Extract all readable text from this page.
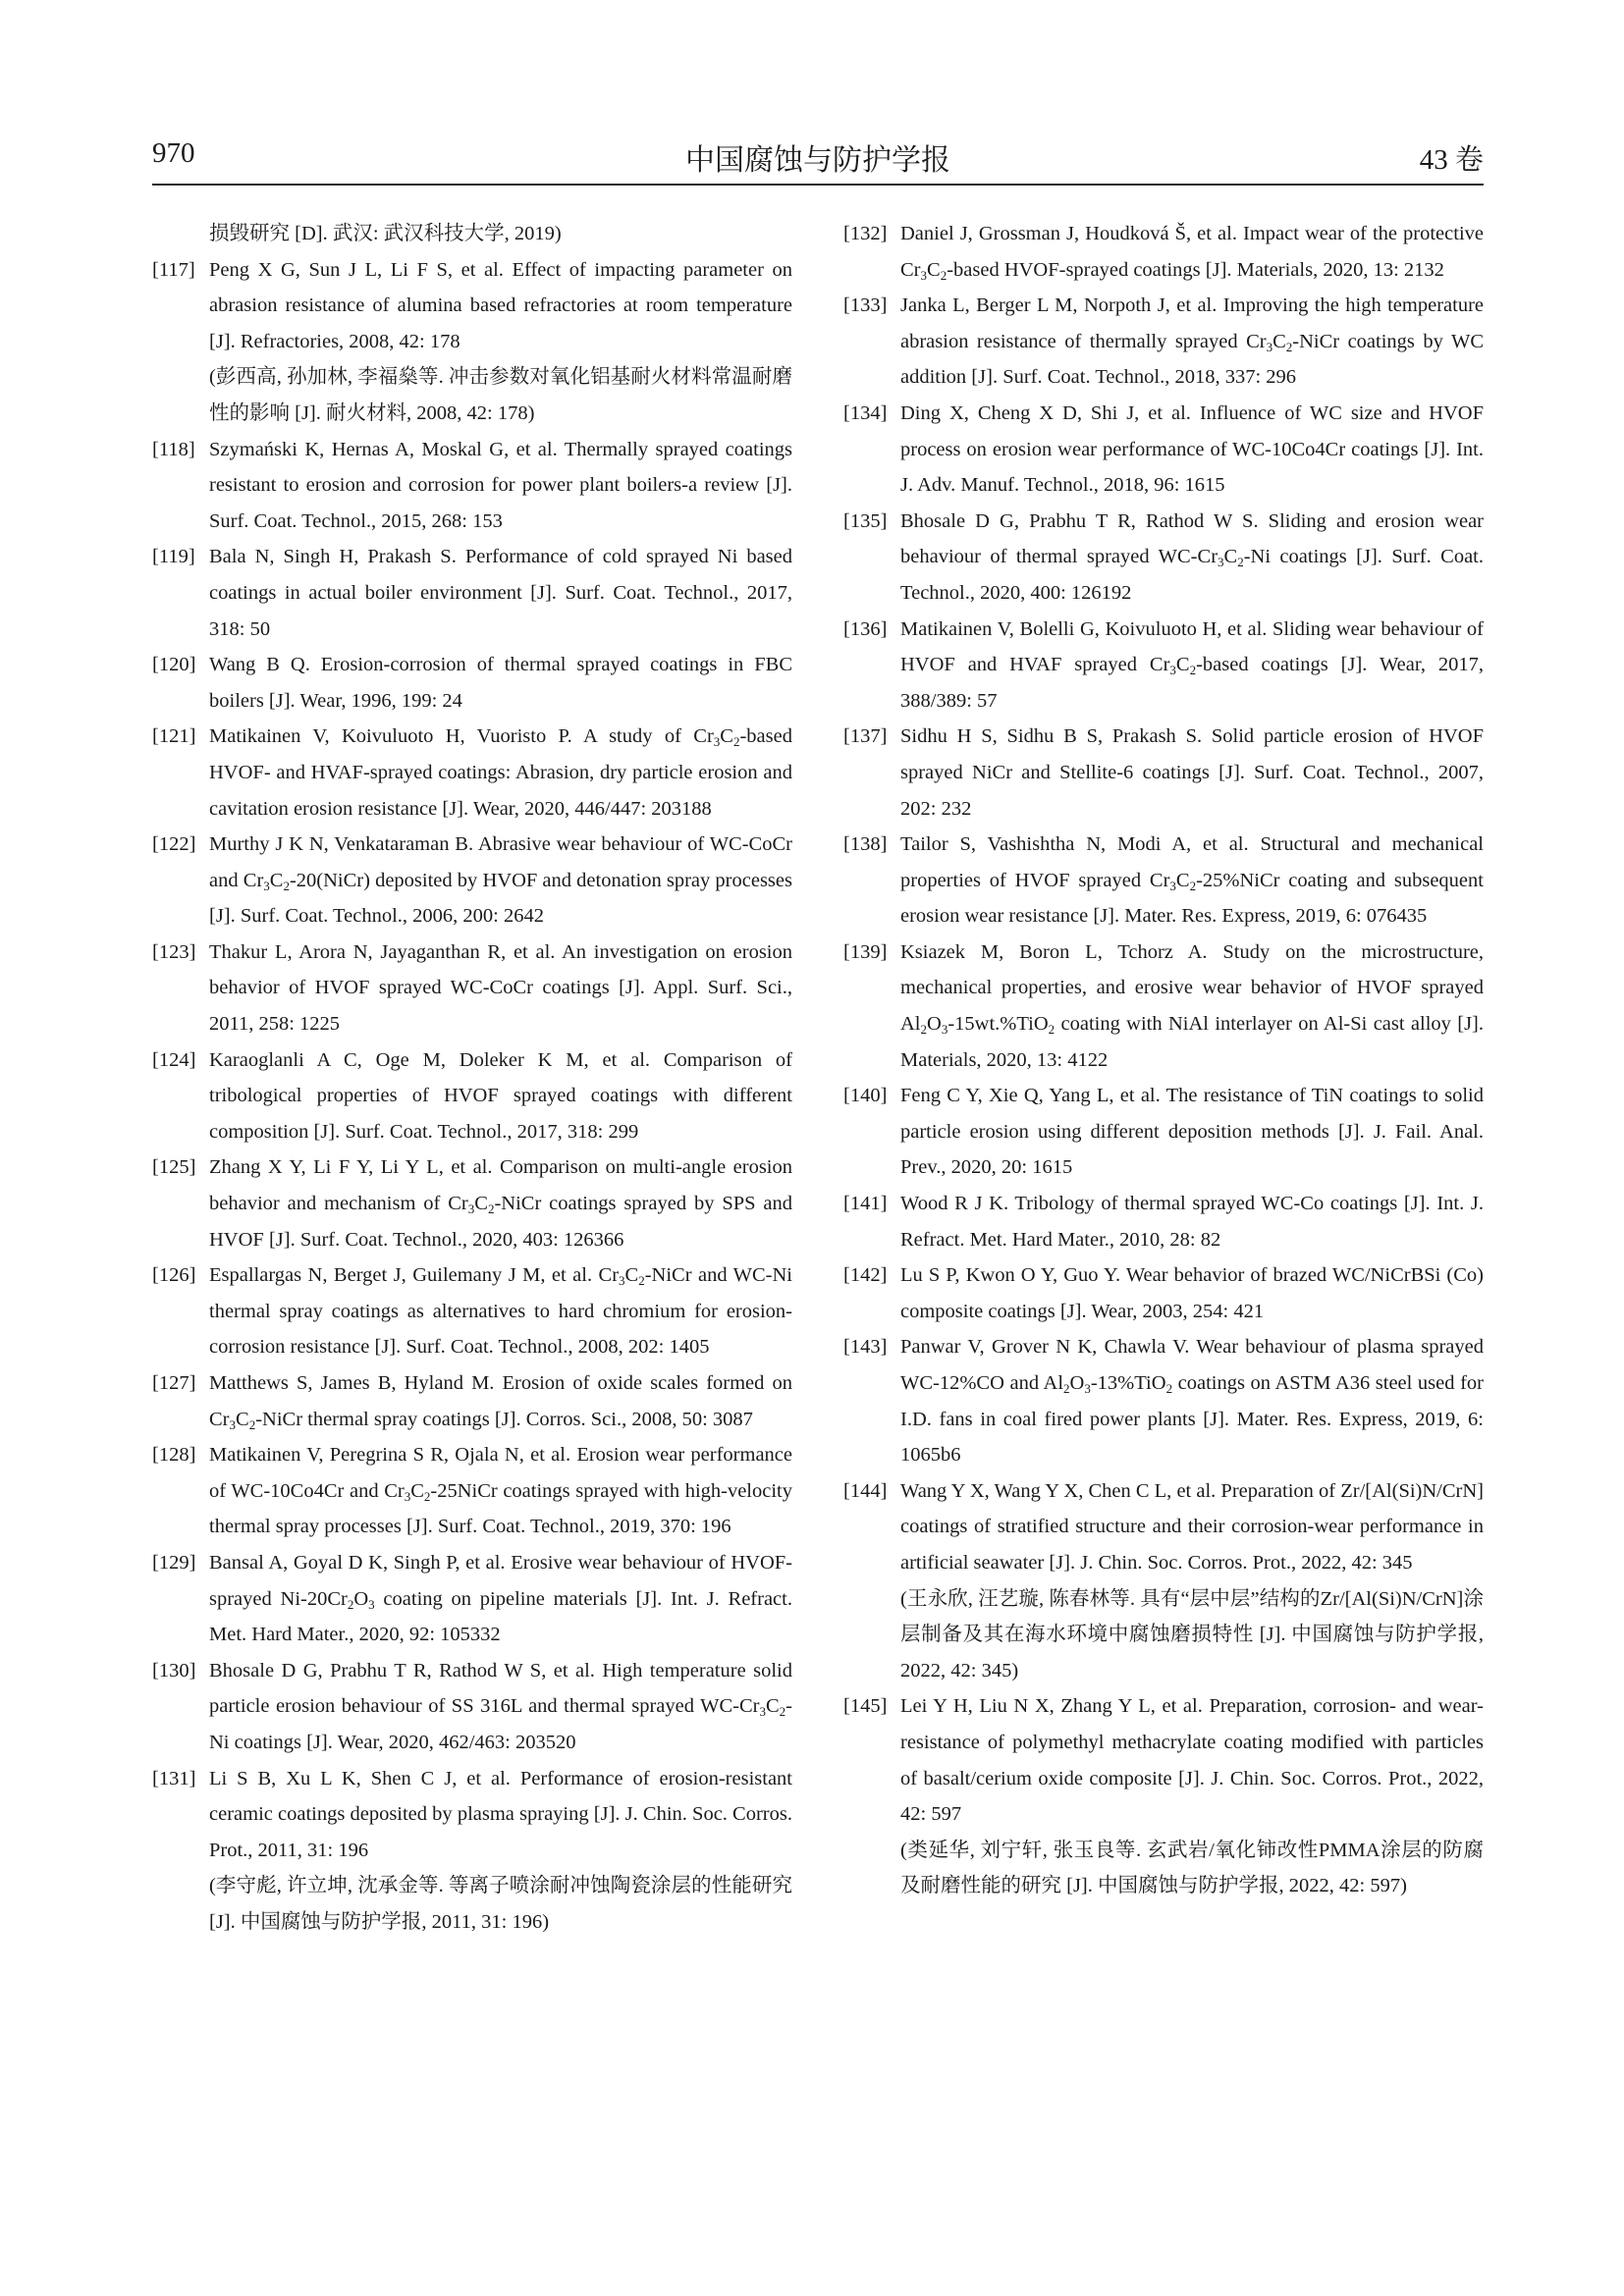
970	中国腐蚀与防护学报	43 卷

损毁研究 [D]. 武汉: 武汉科技大学, 2019)

[117] Peng X G, Sun J L, Li F S, et al. Effect of impacting parameter on abrasion resistance of alumina based refractories at room temperature [J]. Refractories, 2008, 42: 178
(彭西高, 孙加林, 李福燊等. 冲击参数对氧化铝基耐火材料常温耐磨性的影响 [J]. 耐火材料, 2008, 42: 178)

[118] Szymański K, Hernas A, Moskal G, et al. Thermally sprayed coatings resistant to erosion and corrosion for power plant boilers-a review [J]. Surf. Coat. Technol., 2015, 268: 153

[119] Bala N, Singh H, Prakash S. Performance of cold sprayed Ni based coatings in actual boiler environment [J]. Surf. Coat. Technol., 2017, 318: 50

[120] Wang B Q. Erosion-corrosion of thermal sprayed coatings in FBC boilers [J]. Wear, 1996, 199: 24

[121] Matikainen V, Koivuluoto H, Vuoristo P. A study of $Cr_3C_2$-based HVOF- and HVAF-sprayed coatings: Abrasion, dry particle erosion and cavitation erosion resistance [J]. Wear, 2020, 446/447: 203188

[122] Murthy J K N, Venkataraman B. Abrasive wear behaviour of WC-CoCr and $Cr_3C_2-20(NiCr)$ deposited by HVOF and detonation spray processes [J]. Surf. Coat. Technol., 2006, 200: 2642

[123] Thakur L, Arora N, Jayaganthan R, et al. An investigation on erosion behavior of HVOF sprayed WC-CoCr coatings [J]. Appl. Surf. Sci., 2011, 258: 1225

[124] Karaoglanli A C, Oge M, Doleker K M, et al. Comparison of tribological properties of HVOF sprayed coatings with different composition [J]. Surf. Coat. Technol., 2017, 318: 299

[125] Zhang X Y, Li F Y, Li Y L, et al. Comparison on multi-angle erosion behavior and mechanism of $Cr_3C_2$-NiCr coatings sprayed by SPS and HVOF [J]. Surf. Coat. Technol., 2020, 403: 126366

[126] Espallargas N, Berget J, Guilemany J M, et al. $Cr_3C_2$-NiCr and WC-Ni thermal spray coatings as alternatives to hard chromium for erosion-corrosion resistance [J]. Surf. Coat. Technol., 2008, 202: 1405

[127] Matthews S, James B, Hyland M. Erosion of oxide scales formed on $Cr_3C_2$-NiCr thermal spray coatings [J]. Corros. Sci., 2008, 50: 3087

[128] Matikainen V, Peregrina S R, Ojala N, et al. Erosion wear performance of WC-10Co4Cr and $Cr_3C_2-25NiCr$ coatings sprayed with high-velocity thermal spray processes [J]. Surf. Coat. Technol., 2019, 370: 196

[129] Bansal A, Goyal D K, Singh P, et al. Erosive wear behaviour of HVOF-sprayed $Ni-20Cr_2O_3$ coating on pipeline materials [J]. Int. J. Refract. Met. Hard Mater., 2020, 92: 105332

[130] Bhosale D G, Prabhu T R, Rathod W S, et al. High temperature solid particle erosion behaviour of SS 316L and thermal sprayed $WC-Cr_3C_2-Ni$ coatings [J]. Wear, 2020, 462/463: 203520

[131] Li S B, Xu L K, Shen C J, et al. Performance of erosion-resistant ceramic coatings deposited by plasma spraying [J]. J. Chin. Soc. Corros. Prot., 2011, 31: 196
(李守彪, 许立坤, 沈承金等. 等离子喷涂耐冲蚀陶瓷涂层的性能研究 [J]. 中国腐蚀与防护学报, 2011, 31: 196)

[132] Daniel J, Grossman J, Houdková Š, et al. Impact wear of the protective $Cr_3C_2$-based HVOF-sprayed coatings [J]. Materials, 2020, 13: 2132

[133] Janka L, Berger L M, Norpoth J, et al. Improving the high temperature abrasion resistance of thermally sprayed $Cr_3C_2$-NiCr coatings by WC addition [J]. Surf. Coat. Technol., 2018, 337: 296

[134] Ding X, Cheng X D, Shi J, et al. Influence of WC size and HVOF process on erosion wear performance of WC-10Co4Cr coatings [J]. Int. J. Adv. Manuf. Technol., 2018, 96: 1615

[135] Bhosale D G, Prabhu T R, Rathod W S. Sliding and erosion wear behaviour of thermal sprayed $WC-Cr_3C_2-Ni$ coatings [J]. Surf. Coat. Technol., 2020, 400: 126192

[136] Matikainen V, Bolelli G, Koivuluoto H, et al. Sliding wear behaviour of HVOF and HVAF sprayed $Cr_3C_2$-based coatings [J]. Wear, 2017, 388/389: 57

[137] Sidhu H S, Sidhu B S, Prakash S. Solid particle erosion of HVOF sprayed NiCr and Stellite-6 coatings [J]. Surf. Coat. Technol., 2007, 202: 232

[138] Tailor S, Vashishtha N, Modi A, et al. Structural and mechanical properties of HVOF sprayed $Cr_3C_2-25\%NiCr$ coating and subsequent erosion wear resistance [J]. Mater. Res. Express, 2019, 6: 076435

[139] Ksiazek M, Boron L, Tchorz A. Study on the microstructure, mechanical properties, and erosive wear behavior of HVOF sprayed $Al_2O_3-15wt.\%TiO_2$ coating with NiAl interlayer on Al-Si cast alloy [J]. Materials, 2020, 13: 4122

[140] Feng C Y, Xie Q, Yang L, et al. The resistance of TiN coatings to solid particle erosion using different deposition methods [J]. J. Fail. Anal. Prev., 2020, 20: 1615

[141] Wood R J K. Tribology of thermal sprayed WC-Co coatings [J]. Int. J. Refract. Met. Hard Mater., 2010, 28: 82

[142] Lu S P, Kwon O Y, Guo Y. Wear behavior of brazed WC/NiCrBSi (Co) composite coatings [J]. Wear, 2003, 254: 421

[143] Panwar V, Grover N K, Chawla V. Wear behaviour of plasma sprayed WC-12%CO and $Al_2O_3-13\%TiO_2$ coatings on ASTM A36 steel used for I.D. fans in coal fired power plants [J]. Mater. Res. Express, 2019, 6: 1065b6

[144] Wang Y X, Wang Y X, Chen C L, et al. Preparation of Zr/[Al(Si)N/CrN] coatings of stratified structure and their corrosion-wear performance in artificial seawater [J]. J. Chin. Soc. Corros. Prot., 2022, 42: 345
(王永欣, 汪艺璇, 陈春林等. 具有“层中层”结构的Zr/[Al(Si)N/CrN]涂层制备及其在海水环境中腐蚀磨损特性 [J]. 中国腐蚀与防护学报, 2022, 42: 345)

[145] Lei Y H, Liu N X, Zhang Y L, et al. Preparation, corrosion- and wear-resistance of polymethyl methacrylate coating modified with particles of basalt/cerium oxide composite [J]. J. Chin. Soc. Corros. Prot., 2022, 42: 597
(类延华, 刘宁轩, 张玉良等. 玄武岩/氧化铈改性PMMA涂层的防腐及耐磨性能的研究 [J]. 中国腐蚀与防护学报, 2022, 42: 597)
